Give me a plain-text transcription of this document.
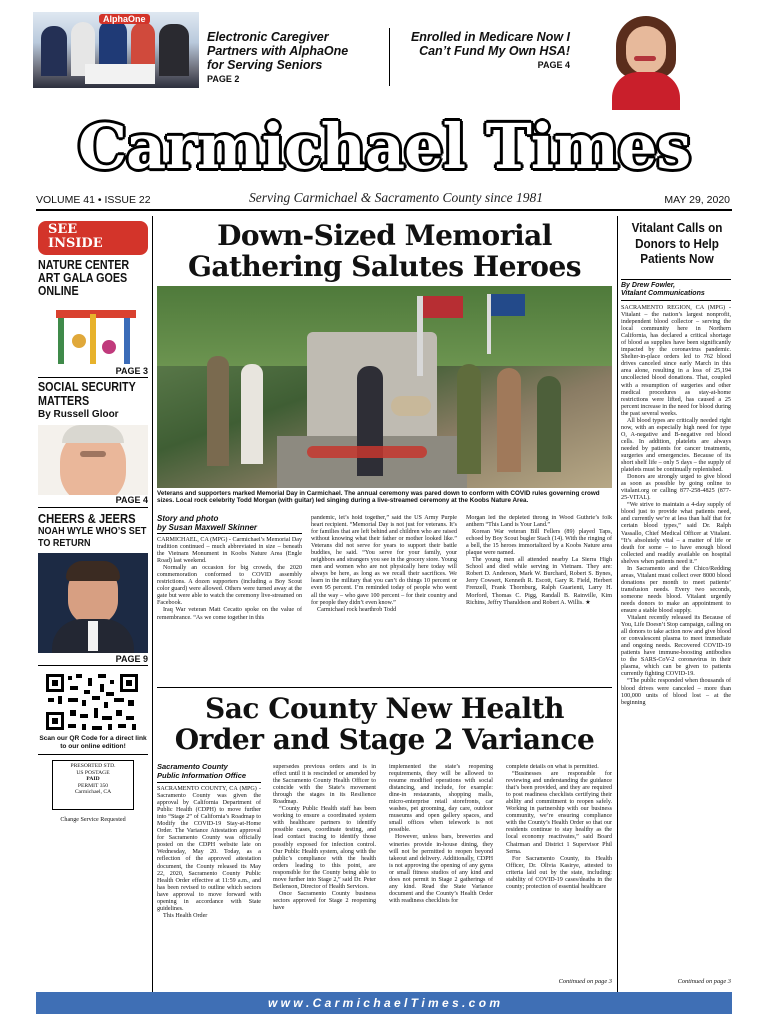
AlphaOne
Electronic Caregiver Partners with AlphaOne for Serving Seniors
PAGE 2
Enrolled in Medicare Now I Can’t Fund My Own HSA!
PAGE 4
Carmichael Times
VOLUME 41 • ISSUE 22	Serving Carmichael & Sacramento County since 1981	MAY 29, 2020
SEE INSIDE
NATURE CENTER ART GALA GOES ONLINE
PAGE 3
SOCIAL SECURITY MATTERS
By Russell Gloor
PAGE 4
CHEERS & JEERS
NOAH WYLE WHO’S SET TO RETURN
PAGE 9
Scan our QR Code for a direct link to our online edition!
PRESORTED STD.
US POSTAGE
PAID
PERMIT 350
Carmichael, CA
Change Service Requested
Down-Sized Memorial
Gathering Salutes Heroes
Veterans and supporters marked Memorial Day in Carmichael. The annual ceremony was pared down to conform with COVID rules governing crowd sizes. Local rock celebrity Todd Morgan (with guitar) led singing during a live-streamed ceremony at the Koobs Nature Area.
Story and photo
by Susan Maxwell Skinner

CARMICHAEL, CA (MPG) - Carmichael’s Memorial Day tradition continued – much abbreviated in size – beneath the Vietnam Monument in Koobs Nature Area (Engle Road) last weekend.

Normally an occasion for big crowds, the 2020 commemoration conformed to COVID assembly restrictions. A dozen supporters (including a Boy Scout color guard) were allowed. Others were turned away at the gate but were able to watch the ceremony live-streamed on Facebook.

Iraq War veteran Matt Cecatto spoke on the value of remembrance. “As we come together in this

pandemic, let’s hold together,” said the US Army Purple heart recipient. “Memorial Day is not just for veterans. It’s for families that are left behind and children who are raised without knowing what their father or mother looked like.” Veterans did not serve for years to support their battle buddies, he said. “You serve for your family, your neighbors and strangers you see in the grocery store. Young men and women who are not physically here today will always be here, as long as we recall their sacrifices. We learn in the military that you can’t do things 10 percent or even 95 percent. I’m reminded today of people who went all the way – who gave 100 percent – for their country and for people they didn’t even know.”

Carmichael rock hearthrob Todd

Morgan led the depleted throng in Wood Guthrie’s folk anthem “This Land is Your Land.”

Korean War veteran Bill Fellers (89) played Taps, echoed by Boy Scout bugler Stach (14). With the ringing of a bell, the 15 heroes immortalized by a Koobs Nature area plaque were named.

The young men all attended nearby La Sierra High School and died while serving in Vietnam. They are: Robert D. Anderson, Mark W. Burchard, Robert S. Bynes, Jerry Cowsert, Kenneth R. Escott, Gary R. Field, Herbert Frenzell, Frank Thornburg, Ralph Guarienti, Larry H. Morford, Thomas C. Pigg, Randall B. Rainville, Kim Richins, Jeffry Tharaldson and Robert A. Willis. ★

Sac County New Health
Order and Stage 2 Variance
Sacramento County
Public Information Office

SACRAMENTO COUNTY, CA (MPG) - Sacramento County was given the approval by California Department of Public Health (CDPH) to move further into “Stage 2” of California’s Roadmap to Modify the COVID-19 Stay-at-Home Order. The Variance Attestation approval for Sacramento County was officially posted on the CDPH website late on Wednesday, May 20. Today, as a reflection of the approved attestation document, the County released its May 22, 2020, Sacramento County Public Health Order effective at 11:59 a.m., and has been revised to outline which sectors have approval to move forward with opening in accordance with State guidelines.

This Health Order

supersedes previous orders and is in effect until it is rescinded or amended by the Sacramento County Health Officer to coincide with the State’s movement through the stages in its Resilience Roadmap.

“County Public Health staff has been working to ensure a coordinated system with healthcare partners to identify possible cases, coordinate testing, and lead contact tracing to identify those possibly exposed for infection control. Our Public Health system, along with the public’s compliance with the health orders leading to this point, are responsible for the County being able to move further into Stage 2,” said Dr. Peter Beilenson, Director of Health Services.

Once Sacramento County business sectors approved for Stage 2 reopening have

implemented the state’s reopening requirements, they will be allowed to resume modified operations with social distancing, and include, for example: dine-in restaurants, shopping malls, micro-enterprise retail storefronts, car washes, pet grooming, day care, outdoor museums and open gallery spaces, and small offices when telework is not possible.

However, unless bars, breweries and wineries provide in-house dining, they will not be permitted to reopen beyond takeout and delivery. Additionally, CDPH is not approving the opening of any gyms or small fitness studios of any kind and does not permit in Stage 2 gatherings of any kind. Read the State Variance document and the County’s Health Order with readiness checklists for

complete details on what is permitted.

“Businesses are responsible for reviewing and understanding the guidance that’s been provided, and they are required to post readiness checklists certifying their ability and commitment to reopen safely. Working in partnership with our business community, we’re ensuring compliance with the County’s Health Order so that our residents continue to stay healthy as the local economy reactivates,” said Board Chairman and District 1 Supervisor Phil Serna.

For Sacramento County, its Health Officer, Dr. Olivia Kasirye, attested to criteria laid out by the state, including: stability of COVID-19 cases/deaths in the county; protection of essential healthcare

Continued on page 3
Vitalant Calls on Donors to Help Patients Now
By Drew Fowler,
Vitalant Communications

SACRAMENTO REGION, CA (MPG) - Vitalant – the nation’s largest nonprofit, independent blood collector – serving the local community here in Northern California, has declared a critical shortage of blood as supplies have been significantly impacted by the coronavirus pandemic. Shelter-in-place orders led to 762 blood drives canceled since early March in this area alone, resulting in a loss of 25,194 uncollected blood donations. That, coupled with a resumption of surgeries and other medical procedures as stay-at-home restrictions were lifted, has caused a 25 percent increase in the need for blood during the past several weeks.

All blood types are critically needed right now, with an especially high need for type O, A-negative and B-negative red blood cells. In addition, platelets are always needed by patients for cancer treatments, surgeries and emergencies. Because of its short shelf life – only 5 days – the supply of platelets must be continually replenished.

Donors are strongly urged to give blood as soon as possible by going online to vitalant.org or calling 877-258-4825 (877-25-VITAL).

“We strive to maintain a 4-day supply of blood just to provide what patients need, and currently we’re at less than half that for certain blood types,” said Dr. Ralph Vassallo, Chief Medical Officer at Vitalant. “It’s absolutely vital – a matter of life or death for some – to have enough blood collected and readily available on hospital shelves when patients need it.”

In Sacramento and the Chico/Redding areas, Vitalant must collect over 8000 blood donations per month to meet patients’ transfusion needs. Every two seconds, someone needs blood. Vitalant urgently needs donors to make an appointment to ensure a stable blood supply.

Vitalant recently released its Because of You, Life Doesn’t Stop campaign, calling on all donors to take action now and give blood or convalescent plasma to meet immediate and ongoing needs. Recovered COVID-19 patients have immune-boosting antibodies to the SARS-CoV-2 coronavirus in their plasma, which can be given to patients currently fighting COVID-19.

“The public responded when thousands of blood drives were canceled – more than 100,000 units of blood lost – at the beginning

Continued on page 3
w w w . C a r m i c h a e l T i m e s . c o m
